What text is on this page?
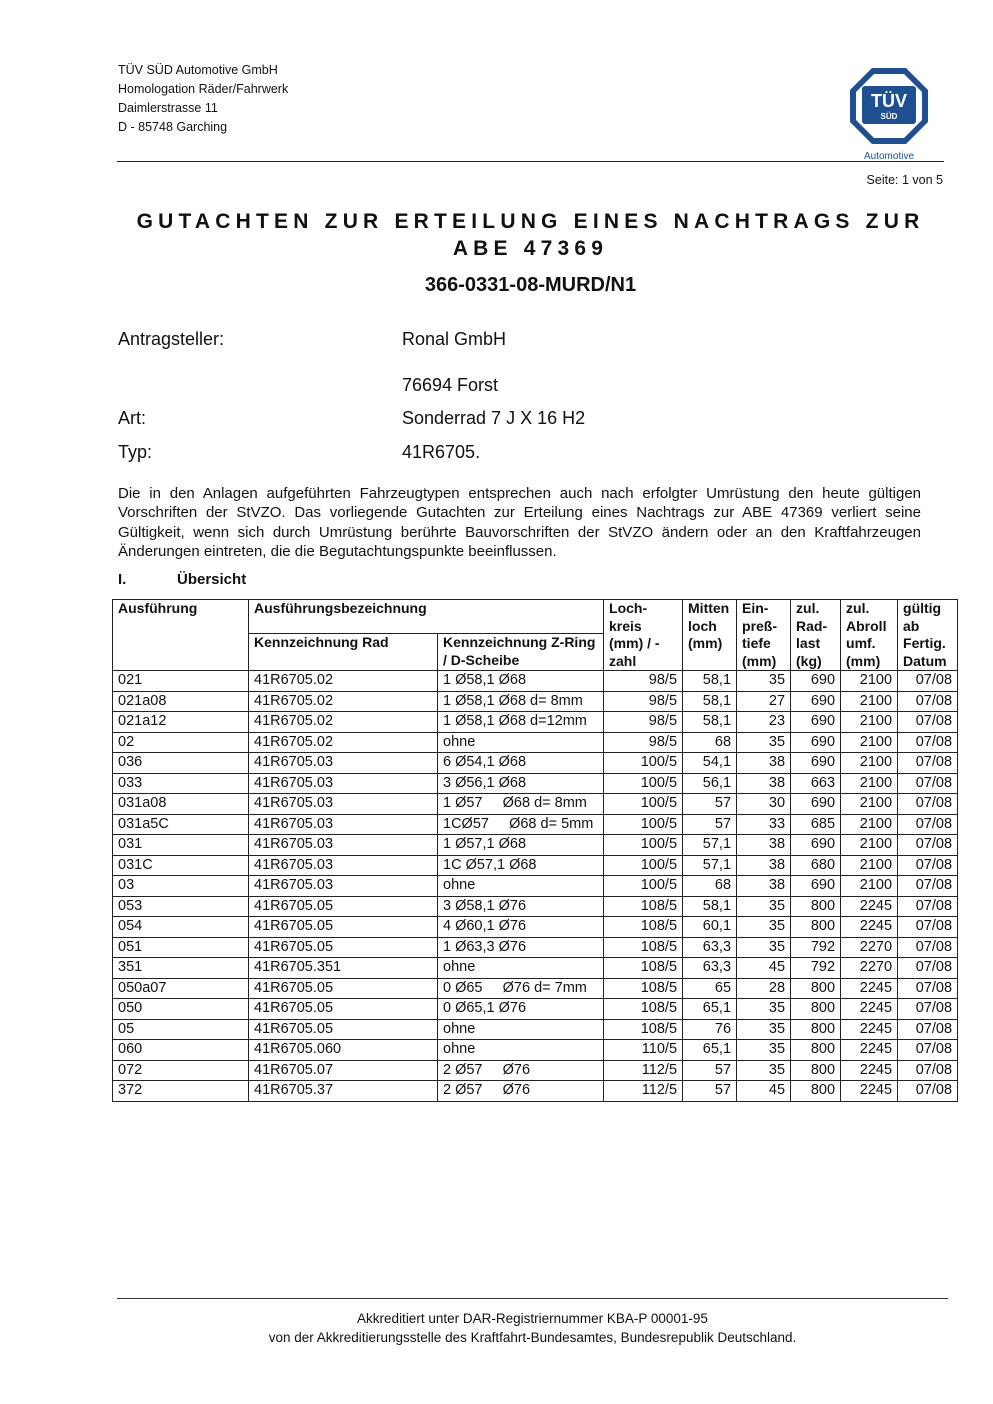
TÜV SÜD Automotive GmbH
Homologation Räder/Fahrwerk
Daimlerstrasse 11
D - 85748 Garching
TÜV
SÜD
Automotive
Seite: 1 von 5
GUTACHTEN ZUR ERTEILUNG EINES NACHTRAGS ZUR
ABE 47369
366-0331-08-MURD/N1
Antragsteller:	Ronal GmbH
76694 Forst
Art:	Sonderrad 7 J X 16 H2
Typ:	41R6705.
Die in den Anlagen aufgeführten Fahrzeugtypen entsprechen auch nach erfolgter Umrüstung den heute gültigen Vorschriften der StVZO. Das vorliegende Gutachten zur Erteilung eines Nachtrags zur ABE 47369 verliert seine Gültigkeit, wenn sich durch Umrüstung berührte Bauvorschriften der StVZO ändern oder an den Kraftfahrzeugen Änderungen eintreten, die die Begutachtungspunkte beeinflussen.
I.	Übersicht
Ausführung	Ausführungsbezeichnung		Loch-kreis (mm) / -zahl	Mitten loch (mm)	Ein-preß-tiefe (mm)	zul. Rad-last (kg)	zul. Abroll umf. (mm)	gültig ab Fertig. Datum
	Kennzeichnung Rad	Kennzeichnung Z-Ring / D-Scheibe						
021	41R6705.02	1 Ø58,1 Ø68	98/5	58,1	35	690	2100	07/08
021a08	41R6705.02	1 Ø58,1 Ø68 d= 8mm	98/5	58,1	27	690	2100	07/08
021a12	41R6705.02	1 Ø58,1 Ø68 d=12mm	98/5	58,1	23	690	2100	07/08
02	41R6705.02	ohne	98/5	68	35	690	2100	07/08
036	41R6705.03	6 Ø54,1 Ø68	100/5	54,1	38	690	2100	07/08
033	41R6705.03	3 Ø56,1 Ø68	100/5	56,1	38	663	2100	07/08
031a08	41R6705.03	1 Ø57     Ø68 d= 8mm	100/5	57	30	690	2100	07/08
031a5C	41R6705.03	1CØ57     Ø68 d= 5mm	100/5	57	33	685	2100	07/08
031	41R6705.03	1 Ø57,1 Ø68	100/5	57,1	38	690	2100	07/08
031C	41R6705.03	1C Ø57,1 Ø68	100/5	57,1	38	680	2100	07/08
03	41R6705.03	ohne	100/5	68	38	690	2100	07/08
053	41R6705.05	3 Ø58,1 Ø76	108/5	58,1	35	800	2245	07/08
054	41R6705.05	4 Ø60,1 Ø76	108/5	60,1	35	800	2245	07/08
051	41R6705.05	1 Ø63,3 Ø76	108/5	63,3	35	792	2270	07/08
351	41R6705.351	ohne	108/5	63,3	45	792	2270	07/08
050a07	41R6705.05	0 Ø65     Ø76 d= 7mm	108/5	65	28	800	2245	07/08
050	41R6705.05	0 Ø65,1 Ø76	108/5	65,1	35	800	2245	07/08
05	41R6705.05	ohne	108/5	76	35	800	2245	07/08
060	41R6705.060	ohne	110/5	65,1	35	800	2245	07/08
072	41R6705.07	2 Ø57     Ø76	112/5	57	35	800	2245	07/08
372	41R6705.37	2 Ø57     Ø76	112/5	57	45	800	2245	07/08
Akkreditiert unter DAR-Registriernummer KBA-P 00001-95
von der Akkreditierungsstelle des Kraftfahrt-Bundesamtes, Bundesrepublik Deutschland.
